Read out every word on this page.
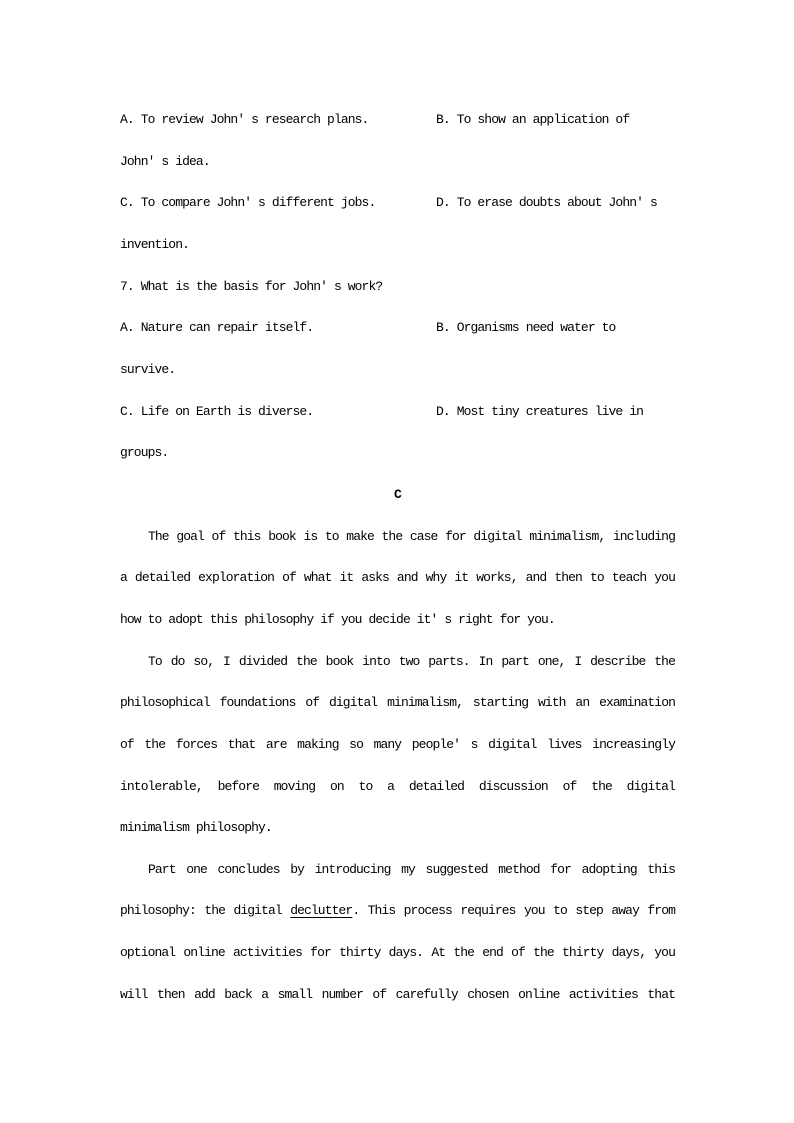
A. To review John' s research plans.	B. To show an application of
John' s idea.
C. To compare John' s different jobs.	D. To erase doubts about John' s
invention.
7. What is the basis for John' s work?
A. Nature can repair itself.	B. Organisms need water to
survive.
C. Life on Earth is diverse.	D. Most tiny creatures live in
groups.
C
The goal of this book is to make the case for digital minimalism, including
a detailed exploration of what it asks and why it works, and then to teach you
how to adopt this philosophy if you decide it' s right for you.
To do so, I divided the book into two parts. In part one, I describe the
philosophical foundations of digital minimalism, starting with an examination
of the forces that are making so many people' s digital lives increasingly
intolerable, before moving on to a detailed discussion of the digital
minimalism philosophy.
Part one concludes by introducing my suggested method for adopting this
philosophy: the digital declutter. This process requires you to step away from
optional online activities for thirty days. At the end of the thirty days, you
will then add back a small number of carefully chosen online activities that
